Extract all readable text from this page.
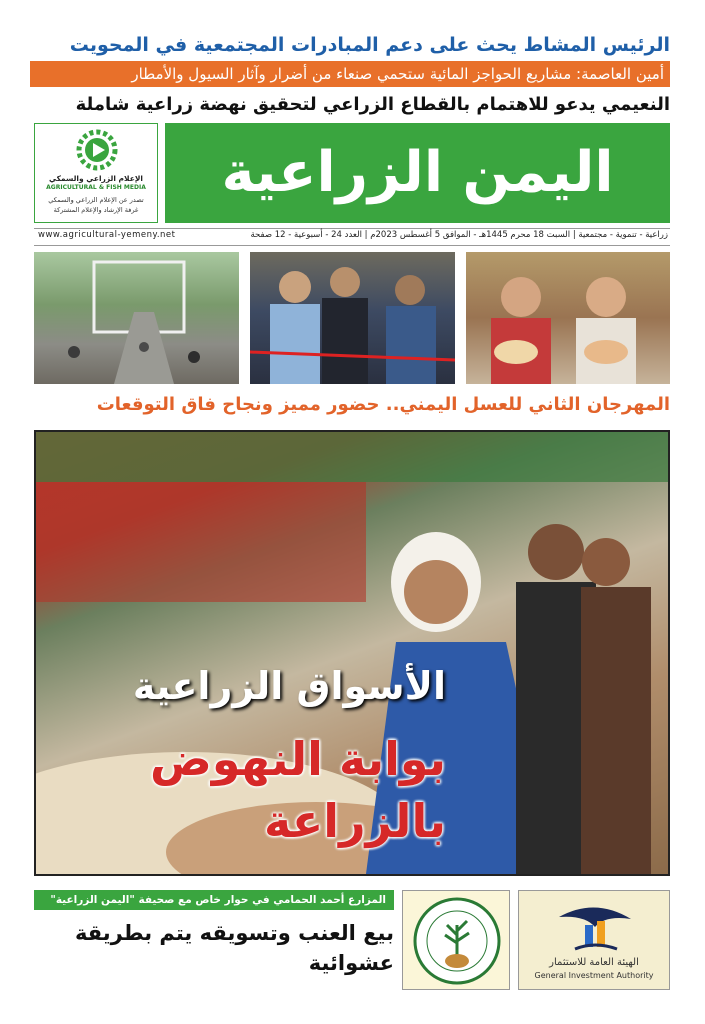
الرئيس المشاط يحث على دعم المبادرات المجتمعية في المحويت
أمين العاصمة: مشاريع الحواجز المائية ستحمي صنعاء من أضرار وآثار السيول والأمطار
النعيمي يدعو للاهتمام بالقطاع الزراعي لتحقيق نهضة زراعية شاملة
الإعلام الزراعي والسمكي
AGRICULTURAL & FISH MEDIA
تصدر عن الإعلام الزراعي والسمكي
غرفة الإرشاد والإعلام المشتركة
اليمن الزراعية
زراعية - تنموية - مجتمعية | السبت 18 محرم 1445هـ - الموافق 5 أغسطس 2023م | العدد 24 - أسبوعية - 12 صفحة
www.agricultural-yemeny.net
المهرجان الثاني للعسل اليمني.. حضور مميز ونجاح فاق التوقعات
الأسواق الزراعية
بوابة النهوض
بالزراعة
المزارع أحمد الحمامي في حوار خاص مع صحيفة "اليمن الزراعية"
بيع العنب وتسويقه يتم بطريقة عشوائية	الهيئة العامة للاستثمار
General Investment Authority
